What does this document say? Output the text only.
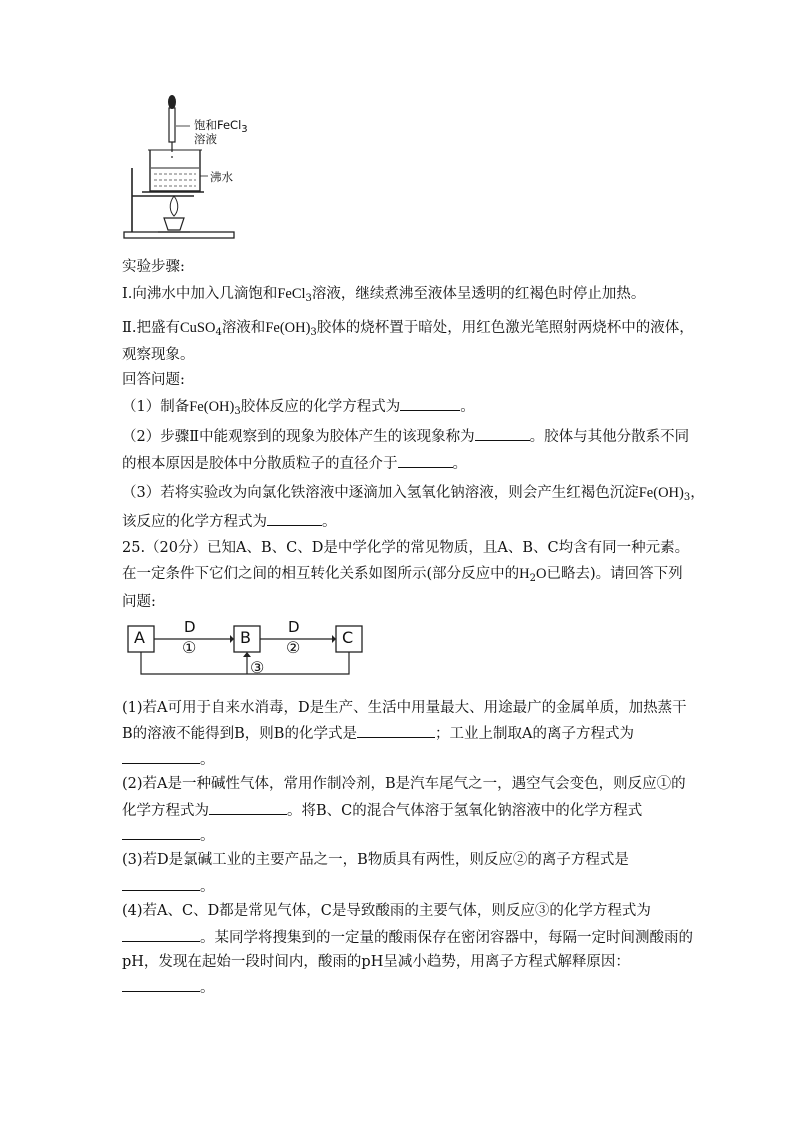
饱和FeCl$_3$
溶液
沸水
实验步骤:
Ⅰ.向沸水中加入几滴饱和FeCl$_3$溶液，继续煮沸至液体呈透明的红褐色时停止加热。
Ⅱ.把盛有CuSO$_4$溶液和$Fe(OH)_3$胶体的烧杯置于暗处，用红色激光笔照射两烧杯中的液体，
观察现象。
回答问题:
（1）制备$Fe(OH)_3$胶体反应的化学方程式为	。
（2）步骤Ⅱ中能观察到的现象为胶体产生的该现象称为	。胶体与其他分散系不同
的根本原因是胶体中分散质粒子的直径介于	。
（3）若将实验改为向氯化铁溶液中逐滴加入氢氧化钠溶液，则会产生红褐色沉淀$Fe(OH)_3$，
该反应的化学方程式为	。
25.（20分）已知A、B、C、D是中学化学的常见物质，且A、B、C均含有同一种元素。
在一定条件下它们之间的相互转化关系如图所示(部分反应中的$H_2O$已略去)。请回答下列
问题:
A	B	C
D
①
D
②
③
(1)若A可用于自来水消毒，D是生产、生活中用量最大、用途最广的金属单质，加热蒸干
B的溶液不能得到B，则B的化学式是	；工业上制取A的离子方程式为
。
(2)若A是一种碱性气体，常用作制冷剂，B是汽车尾气之一，遇空气会变色，则反应①的
化学方程式为	。将B、C的混合气体溶于氢氧化钠溶液中的化学方程式
。
(3)若D是氯碱工业的主要产品之一，B物质具有两性，则反应②的离子方程式是
。
(4)若A、C、D都是常见气体，C是导致酸雨的主要气体，则反应③的化学方程式为
。某同学将搜集到的一定量的酸雨保存在密闭容器中，每隔一定时间测酸雨的
pH，发现在起始一段时间内，酸雨的pH呈减小趋势，用离子方程式解释原因：
。
